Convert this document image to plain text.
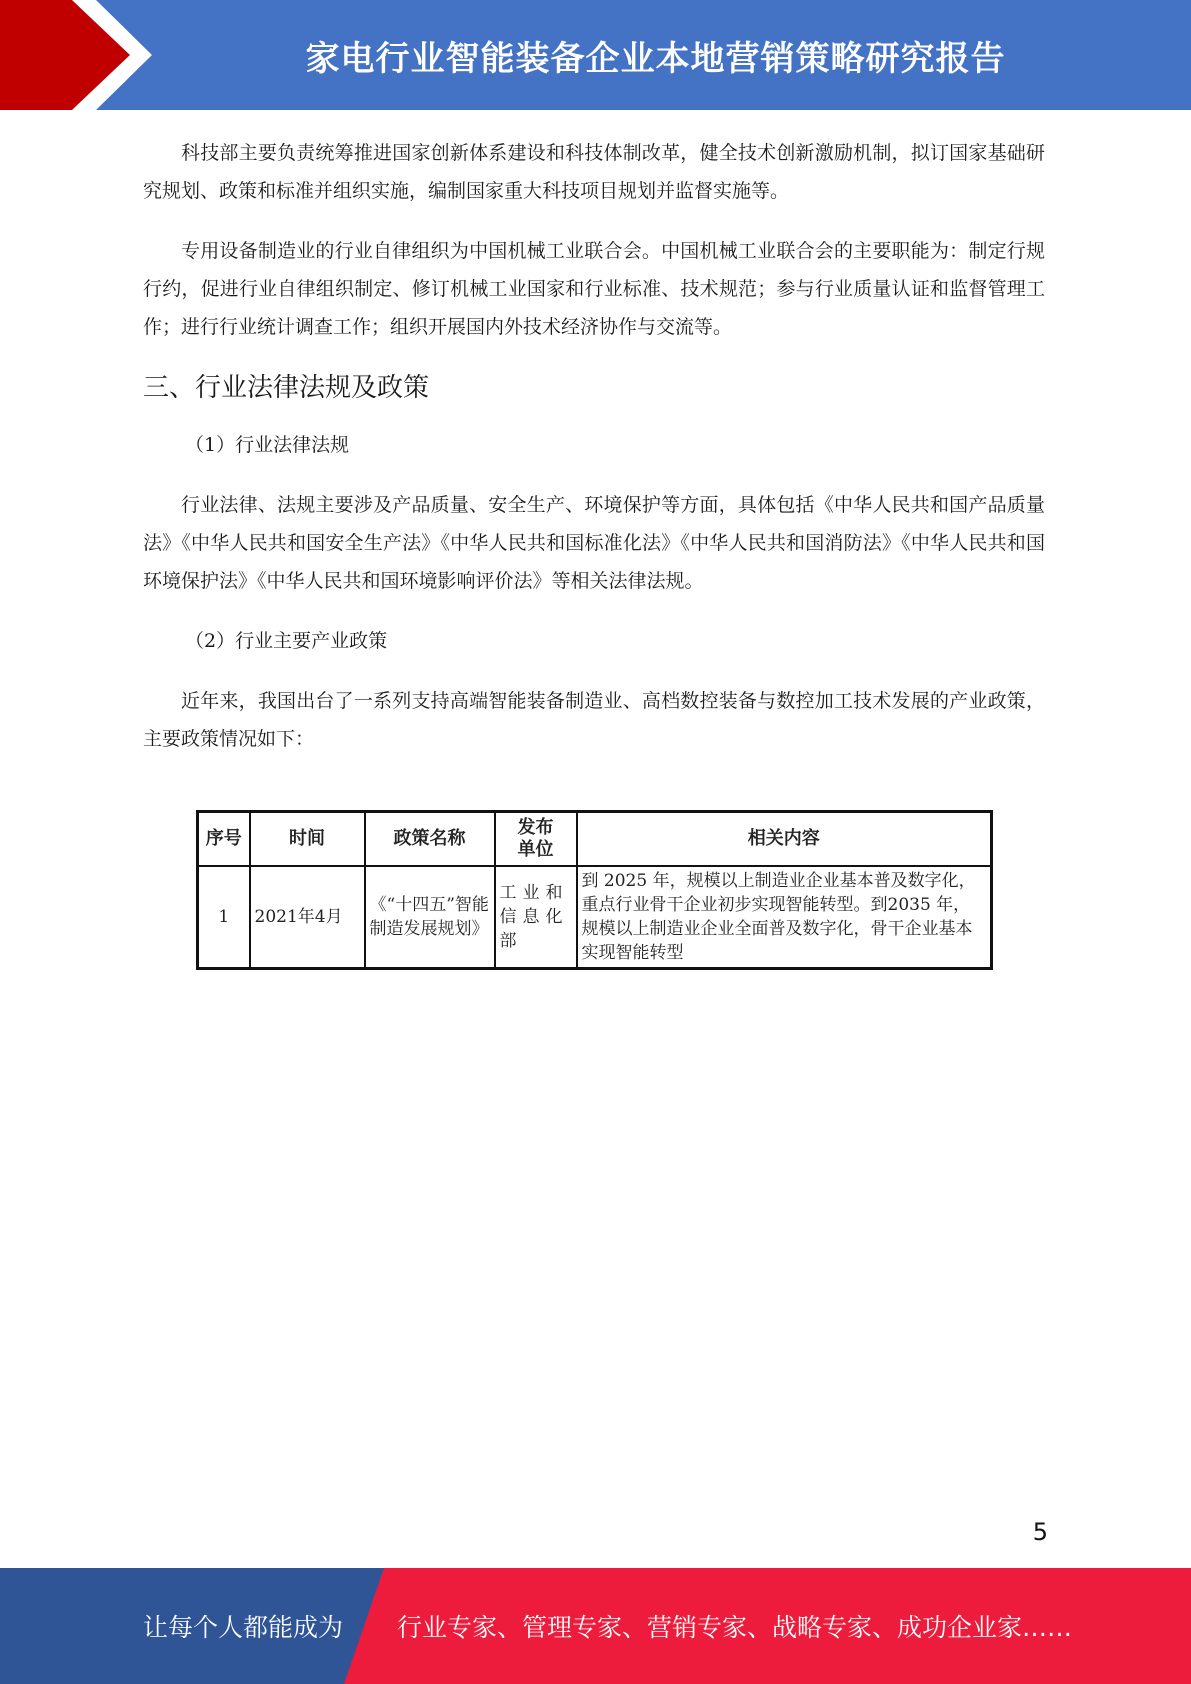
家电行业智能装备企业本地营销策略研究报告

科技部主要负责统筹推进国家创新体系建设和科技体制改革，健全技术创新激励机制，拟订国家基础研究规划、政策和标准并组织实施，编制国家重大科技项目规划并监督实施等。

专用设备制造业的行业自律组织为中国机械工业联合会。中国机械工业联合会的主要职能为：制定行规行约，促进行业自律组织制定、修订机械工业国家和行业标准、技术规范；参与行业质量认证和监督管理工作；进行行业统计调查工作；组织开展国内外技术经济协作与交流等。

三、行业法律法规及政策
（1）行业法律法规

行业法律、法规主要涉及产品质量、安全生产、环境保护等方面，具体包括《中华人民共和国产品质量法》《中华人民共和国安全生产法》《中华人民共和国标准化法》《中华人民共和国消防法》《中华人民共和国环境保护法》《中华人民共和国环境影响评价法》等相关法律法规。

（2）行业主要产业政策

近年来，我国出台了一系列支持高端智能装备制造业、高档数控装备与数控加工技术发展的产业政策，主要政策情况如下：

序号	时间	政策名称	发布单位	相关内容
1	2021年4月	《“十四五”智能制造发展规划》	工业和信息化部	到 2025 年，规模以上制造业企业基本普及数字化，重点行业骨干企业初步实现智能转型。到2035 年，规模以上制造业企业全面普及数字化，骨干企业基本实现智能转型
5
让每个人都能成为 行业专家、管理专家、营销专家、战略专家、成功企业家……
